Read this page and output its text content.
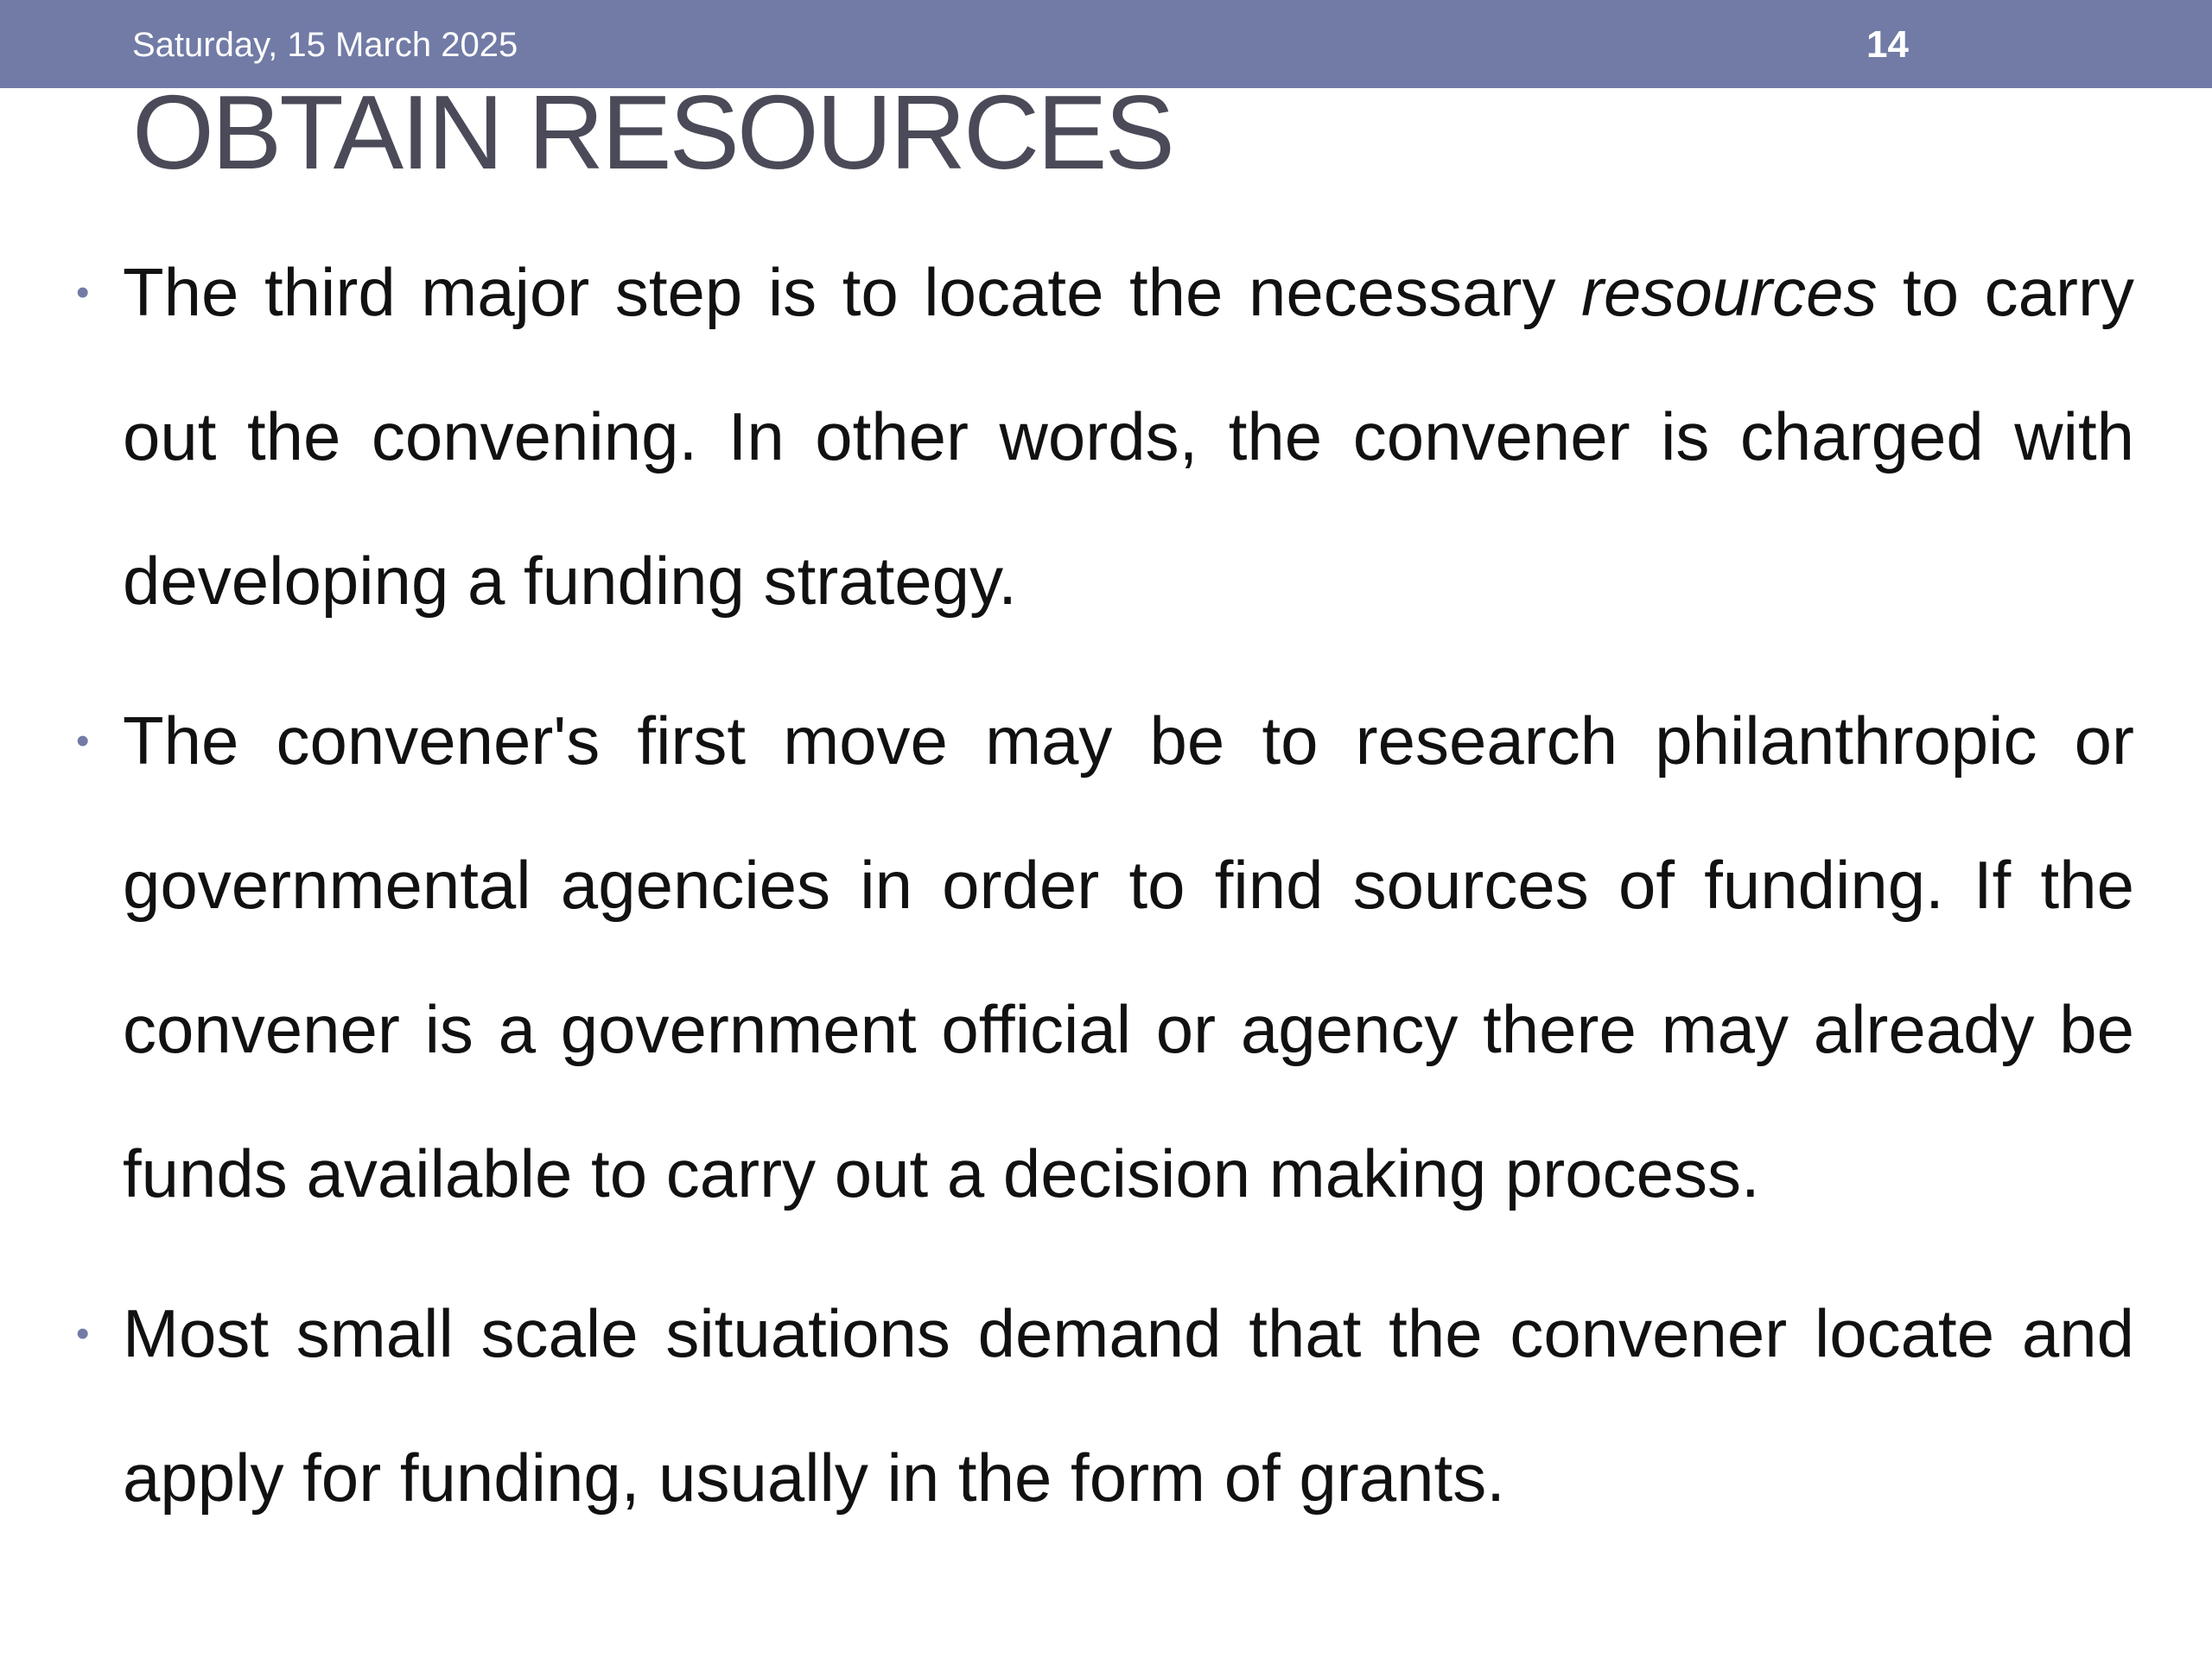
Saturday, 15 March 2025	14
OBTAIN RESOURCES
• The third major step is to locate the necessary resources to carry out the convening. In other words, the convener is charged with developing a funding strategy.
• The convener's first move may be to research philanthropic or governmental agencies in order to find sources of funding. If the convener is a government official or agency there may already be funds available to carry out a decision making process.
• Most small scale situations demand that the convener locate and apply for funding, usually in the form of grants.
